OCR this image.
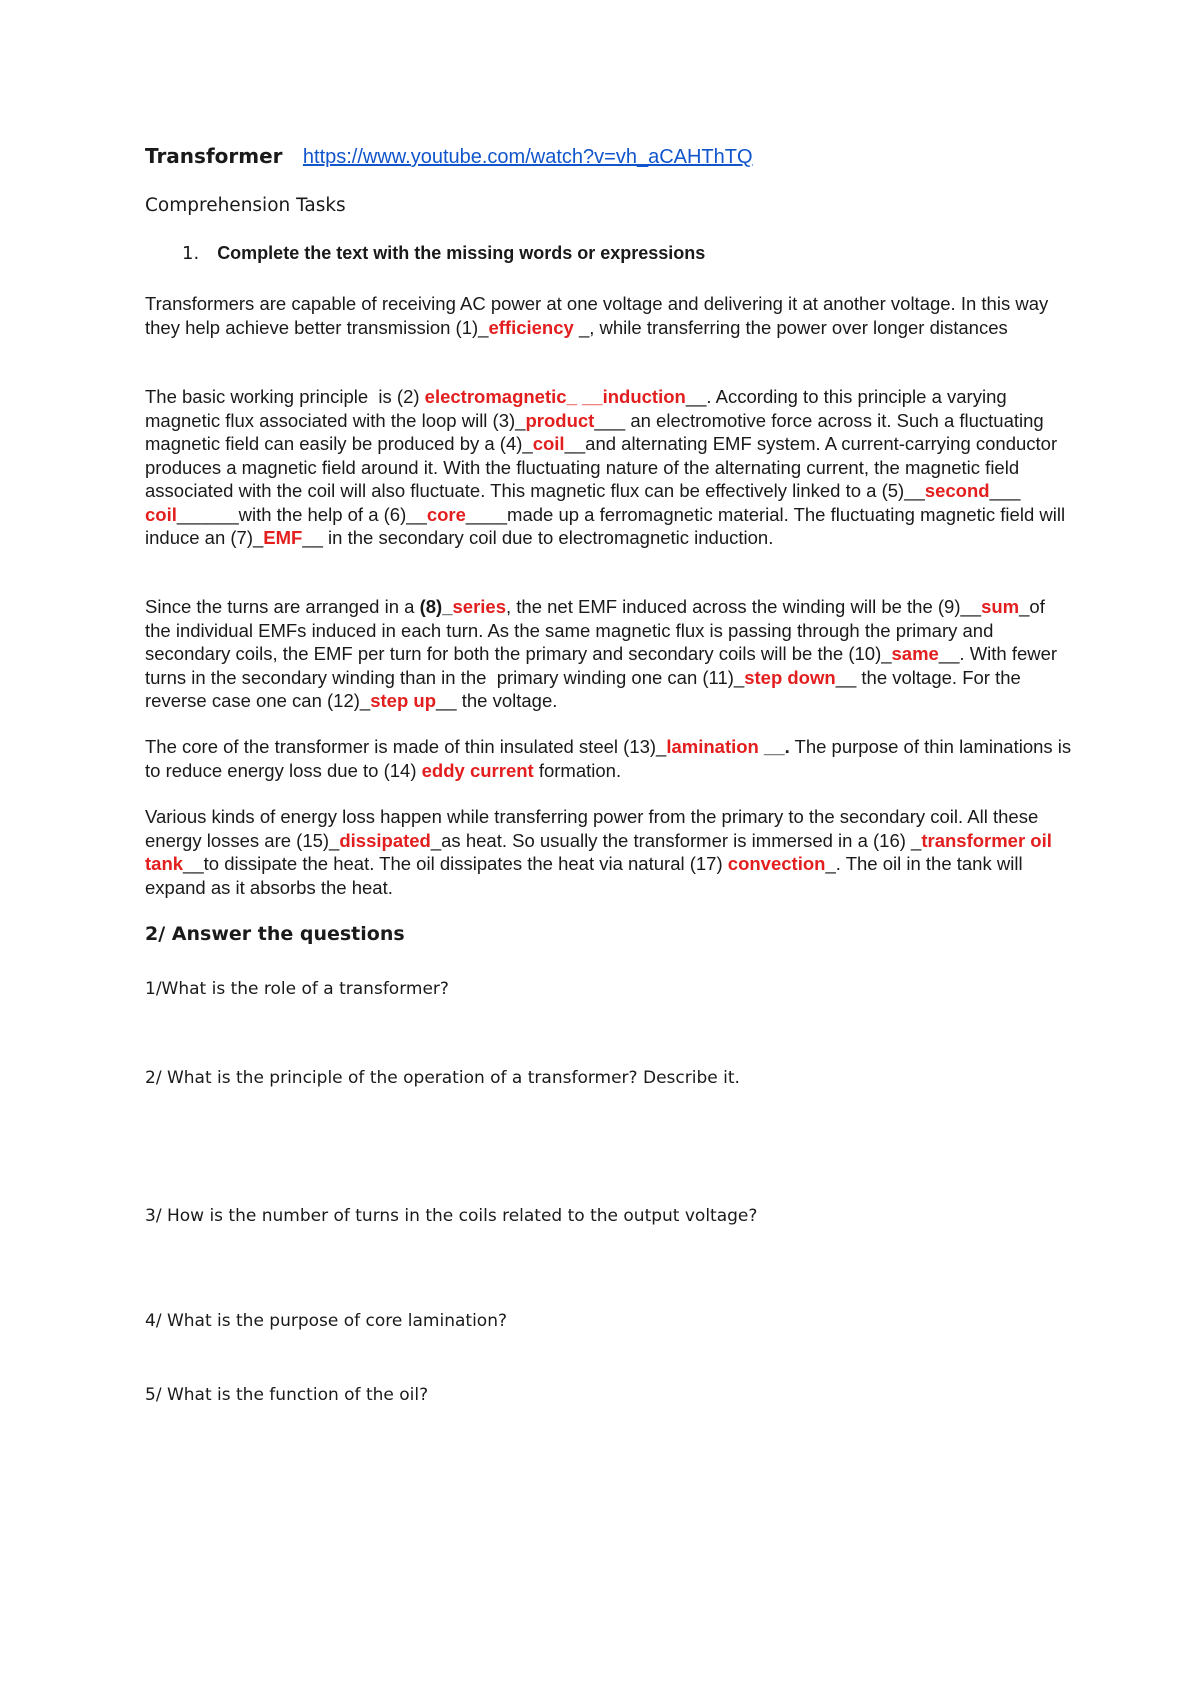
Transformer https://www.youtube.com/watch?v=vh_aCAHThTQ
Comprehension Tasks
1. Complete the text with the missing words or expressions

Transformers are capable of receiving AC power at one voltage and delivering it at another voltage. In this way they help achieve better transmission (1)_efficiency _, while transferring the power over longer distances

The basic working principle  is (2) electromagnetic_ __induction__. According to this principle a varying magnetic flux associated with the loop will (3)_product___ an electromotive force across it. Such a fluctuating magnetic field can easily be produced by a (4)_coil__and alternating EMF system. A current-carrying conductor produces a magnetic field around it. With the fluctuating nature of the alternating current, the magnetic field associated with the coil will also fluctuate. This magnetic flux can be effectively linked to a (5)__second___ coil______with the help of a (6)__core____made up a ferromagnetic material. The fluctuating magnetic field will induce an (7)_EMF__ in the secondary coil due to electromagnetic induction.

Since the turns are arranged in a (8)_series, the net EMF induced across the winding will be the (9)__sum_of the individual EMFs induced in each turn. As the same magnetic flux is passing through the primary and secondary coils, the EMF per turn for both the primary and secondary coils will be the (10)_same__. With fewer turns in the secondary winding than in the  primary winding one can (11)_step down__ the voltage. For the reverse case one can (12)_step up__ the voltage.

The core of the transformer is made of thin insulated steel (13)_lamination __. The purpose of thin laminations is to reduce energy loss due to (14) eddy current formation.

Various kinds of energy loss happen while transferring power from the primary to the secondary coil. All these energy losses are (15)_dissipated_as heat. So usually the transformer is immersed in a (16) _transformer oil tank__to dissipate the heat. The oil dissipates the heat via natural (17) convection_. The oil in the tank will expand as it absorbs the heat.

2/ Answer the questions
1/What is the role of a transformer?
2/ What is the principle of the operation of a transformer? Describe it.
3/ How is the number of turns in the coils related to the output voltage?
4/ What is the purpose of core lamination?
5/ What is the function of the oil?
